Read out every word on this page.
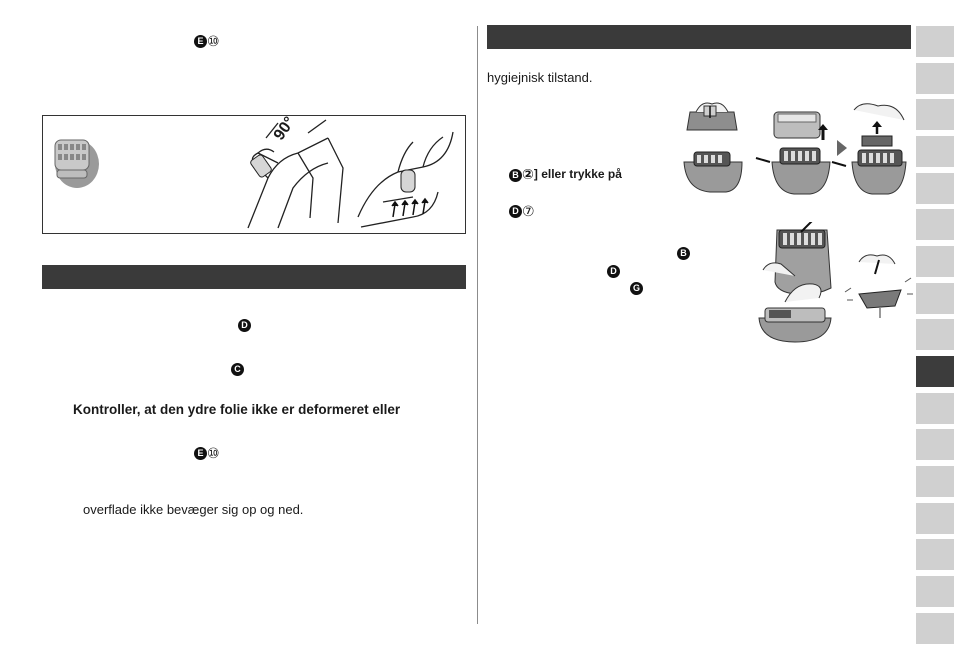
E ⑩
90°
D
C
Kontroller, at den ydre folie ikke er deformeret eller
E ⑩
overflade ikke bevæger sig op og ned.
hygiejnisk tilstand.
B ②] eller trykke på
D ⑦
B
D
G
